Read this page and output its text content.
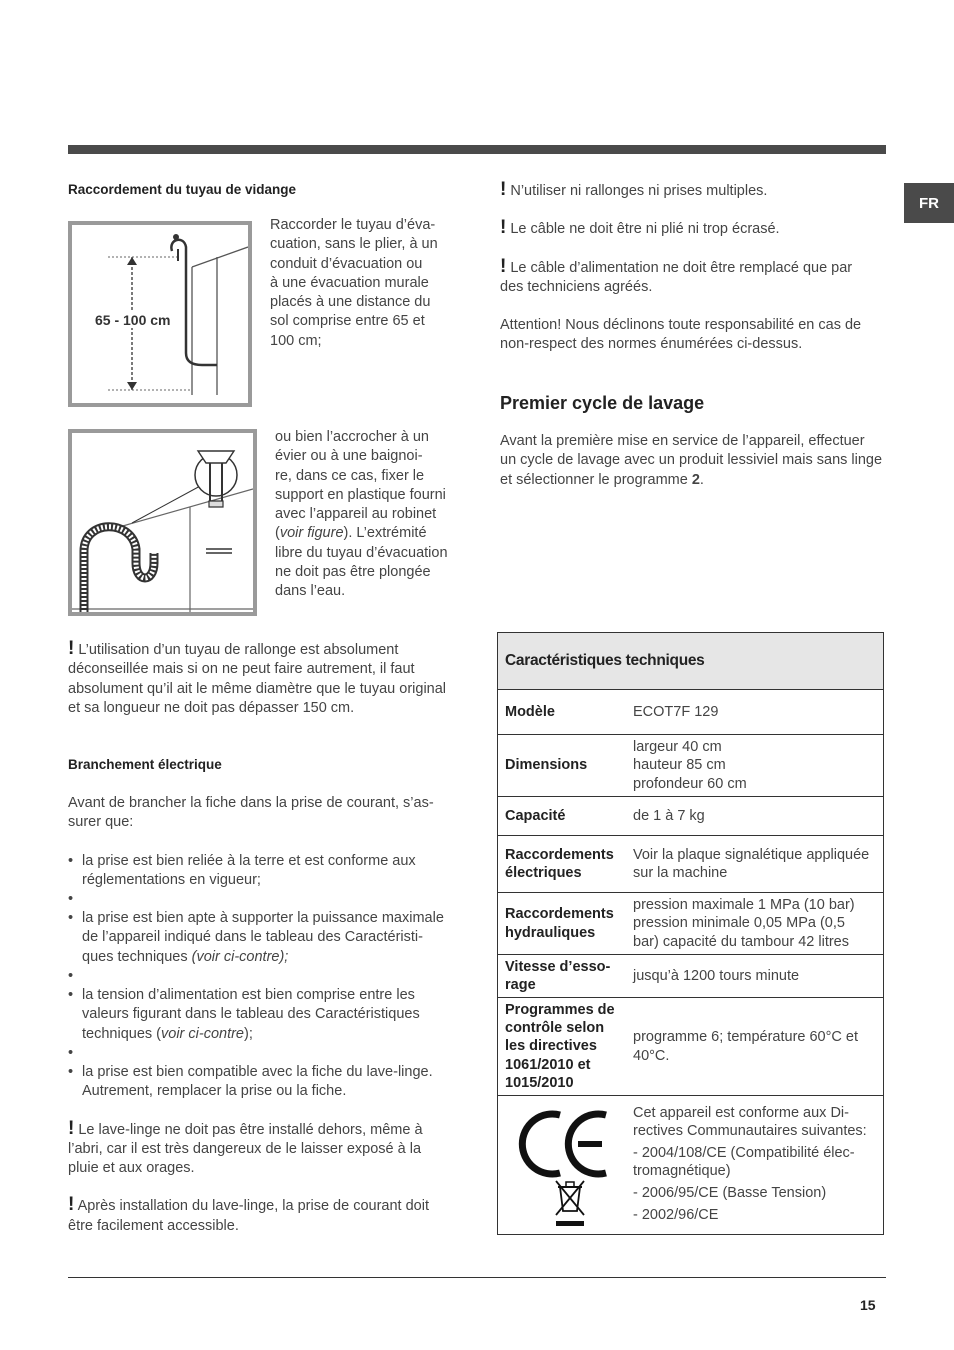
FR
Raccordement du tuyau de vidange
65 - 100 cm

Raccorder le tuyau d’éva-

cuation, sans le plier, à un

conduit d’évacuation ou

à une évacuation murale

placés à une distance du

sol comprise entre 65 et

100 cm;

ou bien l’accrocher à un

évier ou à une baignoi-

re, dans ce cas, fixer le

support en plastique fourni

avec l’appareil au robinet

(voir figure). L’extrémité

libre du tuyau d’évacuation

ne doit pas être plongée

dans l’eau.

! L’utilisation d’un tuyau de rallonge est absolument

déconseillée mais si on ne peut faire autrement, il faut

absolument qu’il ait le même diamètre que le tuyau original

et sa longueur ne doit pas dépasser 150 cm.

Branchement électrique

Avant de brancher la fiche dans la prise de courant, s’as-

surer que:

• la prise est bien reliée à la terre et est conforme aux
réglementations en vigueur;
•
• la prise est bien apte à supporter la puissance maximale
de l’appareil indiqué dans le tableau des Caractéristi-
ques techniques (voir ci-contre);
•
• la tension d’alimentation est bien comprise entre les
valeurs figurant dans le tableau des Caractéristiques
techniques (voir ci-contre);
•
• la prise est bien compatible avec la fiche du lave-linge.
Autrement, remplacer la prise ou la fiche.

! Le lave-linge ne doit pas être installé dehors, même à

l’abri, car il est très dangereux de le laisser exposé à la

pluie et aux orages.

! Après installation du lave-linge, la prise de courant doit

être facilement accessible.

! N’utiliser ni rallonges ni prises multiples.

! Le câble ne doit être ni plié ni trop écrasé.

! Le câble d’alimentation ne doit être remplacé que par

des techniciens agréés.

Attention! Nous déclinons toute responsabilité en cas de

non-respect des normes énumérées ci-dessus.

Premier cycle de lavage

Avant la première mise en service de l’appareil, effectuer

un cycle de lavage avec un produit lessiviel mais sans linge

et sélectionner le programme 2.

Caractéristiques techniques
Modèle	ECOT7F 129
Dimensions
largeur 40 cm
hauteur 85 cm
profondeur 60 cm
Capacité	de 1 à 7 kg
Raccordements
électriques
Voir la plaque signalétique appliquée
sur la machine
Raccordements
hydrauliques
pression maximale 1 MPa (10 bar)
pression minimale 0,05 MPa (0,5
bar) capacité du tambour 42 litres
Vitesse d’esso-
rage
jusqu’à 1200 tours minute
Programmes de
contrôle selon
les directives
1061/2010 et
1015/2010
programme 6; température 60°C et
40°C.
Cet appareil est conforme aux Di-
rectives Communautaires suivantes:
- 2004/108/CE (Compatibilité élec-
tromagnétique)
- 2006/95/CE (Basse Tension)
- 2002/96/CE
15
